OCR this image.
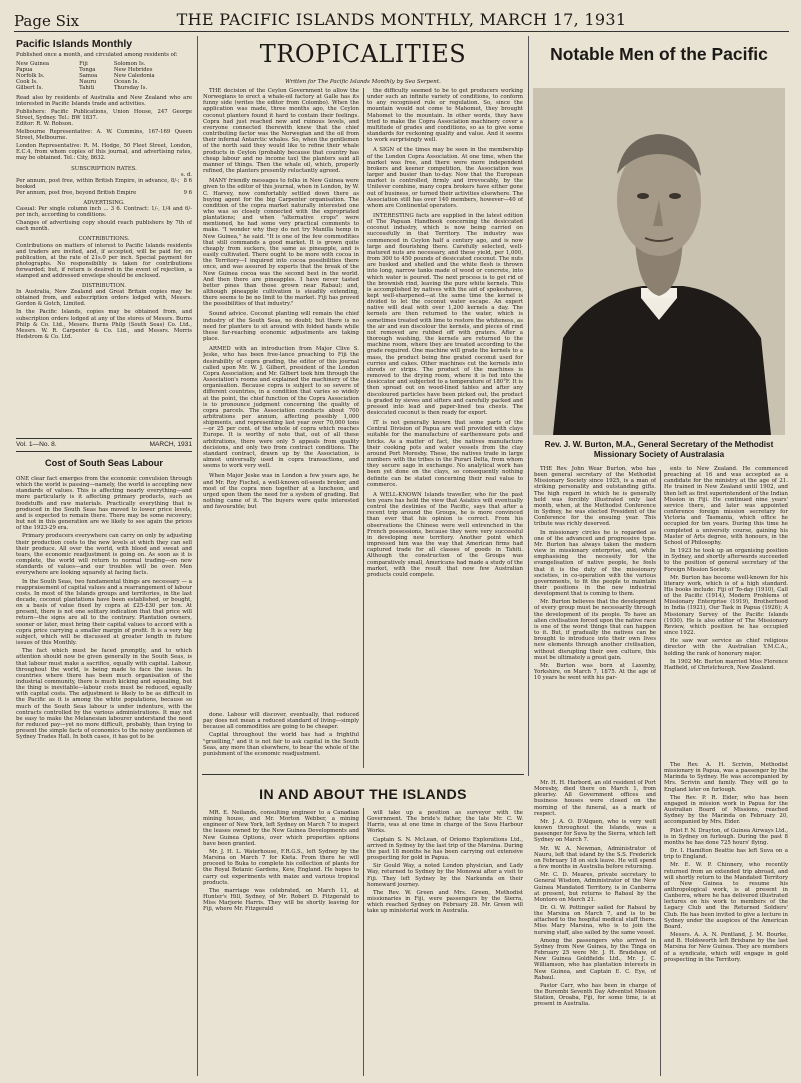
Page Six	THE PACIFIC ISLANDS MONTHLY, MARCH 17, 1931
Pacific Islands Monthly
Published once a month, and circulated among residents of:
New Guinea	Fiji	Solomon Is.
Papua	Tonga	New Hebrides
Norfolk Is.	Samoa	New Caledonia
Cook Is.	Nauru	Ocean Is.
Gilbert Is.	Tahiti	Thursday Is.
Read also by residents of Australia and New Zealand who are interested in Pacific Islands trade and activities.
Publishers: Pacific Publications, Union House, 247 George Street, Sydney. Tel.: BW 1837.
Editor: R. W. Robson.
Melbourne Representative: A. W. Cummins, 167-169 Queen Street, Melbourne.
London Representative: R. M. Hodge, 50 Fleet Street, London, E.C.4, from whom copies of this journal, and advertising rates, may be obtained. Tel.: City, 8632.
SUBSCRIPTION RATES.
s. d.
Per annum, post free, within British Empire, in advance, 8/-; booked
8 6
Per annum, post free, beyond British Empire	9 6
ADVERTISING.
Casual: Per single column inch ... 3 6. Contract: 1/-, 1/4 and 6/- per inch, according to conditions.
Changes of advertising copy should reach publishers by 7th of each month.
CONTRIBUTIONS.
Contributions on matters of interest to Pacific Islands residents and traders are invited, and, if accepted, will be paid for, on publication, at the rate of 21s.0 per inch. Special payment for photographs. No responsibility is taken for contributions forwarded; but, if return is desired in the event of rejection, a stamped and addressed envelope should be enclosed.
DISTRIBUTION.
In Australia, New Zealand and Great Britain copies may be obtained from, and subscription orders lodged with, Messrs. Gordon & Gotch, Limited.
In the Pacific Islands, copies may be obtained from, and subscription orders lodged at any of the stores of Messrs. Burns Philp & Co. Ltd., Messrs. Burns Philp (South Seas) Co. Ltd., Messrs. W. R. Carpenter & Co. Ltd., and Messrs. Morris Hedstrom & Co. Ltd.
Vol. 1—No. 8.	MARCH, 1931
Cost of South Seas Labour

ONE clear fact emerges from the economic convulsion through which the world is passing—namely, the world is accepting new standards of values. This is affecting nearly everything—and more particularly is it affecting primary products, such as foodstuffs and raw materials. Practically everything that is produced in the South Seas has moved to lower price levels, and is expected to remain there. There may be some recovery; but not in this generation are we likely to see again the prices of the 1923-29 era.

Primary producers everywhere can carry on only by adjusting their production costs to the new levels at which they can sell their produce. All over the world, with blood and sweat and tears, the economic readjustment is going on. As soon as it is complete, the world will return to normal trading—on new standards of values—and our troubles will be over. Men everywhere are looking squarely at facing facts.

In the South Seas, two fundamental things are necessary — a reappraisement of capital values and a rearrangement of labour costs. In most of the Islands groups and territories, in the last decade, coconut plantations have been established, or bought, on a basis of value fixed by copra at £25-£30 per ton. At present, there is not one solitary indication that that price will return—the signs are all to the contrary. Plantation owners, sooner or later, must bring their capital values to accord with a copra price carrying a smaller margin of profit. It is a very big subject, which will be discussed at greater length in future issues of this Monthly.

The fact which must be faced promptly, and to which attention should now be given generally in the South Seas, is that labour must make a sacrifice, equally with capital. Labour, throughout the world, is being made to face the issue. In countries where there has been much organisation of the industrial community, there is much kicking and squealing, but the thing is inevitable—labour costs must be reduced, equally with capital costs. The adjustment is likely to be as difficult in the Pacific as it is among the white populations, because so much of the South Seas labour is under indenture, with the contracts controlled by the various administrations. It may not be easy to make the Melanesian labourer understand the need for reduced pay—yet no more difficult, probably, than trying to present the simple facts of economics to the noisy gentlemen of Sydney Trades Hall. In both cases, it has got to be

TROPICALITIES
Written for The Pacific Islands Monthly by Sea Serpent.

THE decision of the Ceylon Government to allow the Norwegians to erect a whale-oil factory at Galle has its funny side (writes the editor from Colombo). When the application was made, three months ago, the Ceylon coconut planters found it hard to contain their feelings. Copra had just reached new and ruinous levels, and everyone connected therewith knew that the chief contributing factor was the Norwegian and the oil from their infernal Antarctic whales. So, when the gentlemen of the north said they would like to refine their whale products in Ceylon (probably because that country has cheap labour and no income tax) the planters said all manner of things. Then the whale oil, which, properly refined, the planters presently reluctantly agreed.

MANY friendly messages to folks in New Guinea were given to the editor of this journal, when in London, by W. C. Harvey, now comfortably settled down there as buying agent for the big Carpenter organisation. The condition of the copra market naturally interested one who was so closely connected with the expropriated plantations; and when "alternative crops" were mentioned, he had some very practical comments to make. "I wonder why they do not try Manilla hemp in New Guinea," he said. "It is one of the few commodities that still commands a good market. It is grown quite cheaply from suckers, the same as pineapple, and is easily cultivated. There ought to be more with cocoa in the Territory—I inquired into cocoa possibilities there once, and was assured by experts that the break of the New Guinea cocoa was the second best in the world. And then there are pineapples. I have never tasted better pines than those grown near Rabaul; and, although pineapple cultivation is steadily extending, there seems to be no limit to the market. Fiji has proved the possibilities of that industry."

Sound advice. Coconut planting will remain the chief industry of the South Seas, no doubt; but there is no need for planters to sit around with folded hands while these far-reaching economic adjustments are taking place.

ARMED with an introduction from Major Clive S. Jeske, who has been free-lance preaching to Fiji the desirability of copra grading, the editor of this journal called upon Mr. W. J. Gilbert, president of the London Copra Association; and Mr. Gilbert took him through the Association's rooms and explained the machinery of the organisation. Because copra is subject to so severe of different countries, in a condition that varies so widely at the point, the chief function of the Copra Association is to pronounce judgment concerning the quality of copra parcels. The Association conducts about 700 arbitrations per annum, affecting possibly 1,000 shipments, and representing last year over 70,000 tons—or 25 per cent. of the whole of copra which reaches Europe. It is worthy of note that, out of all these arbitrations, there were only 5 appeals from quality decisions, and only two from contract conditions. The standard contract, drawn up by the Association, is almost universally used in copra transactions, and seems to work very well.

When Major Jeske was in London a few years ago, he and Mr. Roy Fischel, a well-known oil-seeds broker, and most of the copra men together at a luncheon, and urged upon them the need for a system of grading. But nothing came of it. The buyers were quite interested and favourable; but

the difficulty seemed to be to get producers working under such an infinite variety of conditions, to conform to any recognised rule or regulation. So, since the mountain would not come to Mahomet, they brought Mahomet to the mountain. In other words, they have tried to make the Copra Association machinery cover a multitude of grades and conditions, so as to give some standards for reckoning quality and value. And it seems to work surprisingly well.

A SIGN of the times may be seen in the membership of the London Copra Association. At one time, when the market was free, and there were more independent brokers and keener competition, the Association was larger and busier than to-day. Now that the European market is controlled, firmly and irrevocably, by the Unilever combine, many copra brokers have either gone out of business, or turned their activities elsewhere. The Association still has over 140 members, however—40 of whom are Continental operators.

INTERESTING facts are supplied in the latest edition of The Papuan Handbook concerning the desiccated coconut industry, which is now being carried on successfully in that Territory. The industry was commenced in Ceylon half a century ago, and is now large and flourishing there. Carefully selected, well-matured nuts are necessary, and these yield, per 1,000, from 300 to 450 pounds of desiccated coconut. The nuts are husked and shelled and the white flesh is thrown into long, narrow tanks made of wood or concrete, into which water is poured. The next process is to get rid of the brownish rind, leaving the pure white kernels. This is accomplished by natives with the aid of spokeshaves, kept well-sharpened—at the same time the kernel is divided to let the coconut water escape. An expert native will deal with over 1,200 kernels a day. The kernels are then returned to the water, which is sometimes treated with lime to restore the whiteness, as the air and sun discolour the kernels, and pieces of rind not removed are rubbed off with graters. After a thorough washing, the kernels are returned to the machine room, where they are treated according to the grade required. One machine will grade the kernels to a mass, the product being fine grated coconut used for curries and cakes. Other machines cut the kernels into shreds or strips. The product of the machines is removed to the drying room, where it is fed into the desiccator and subjected to a temperature of 180°F. It is then spread out on wood-lined tables and after any discoloured particles have been picked out, the product is graded by sieves and sifters and carefully packed and pressed into lead and paper-lined tea chests. The desiccated coconut is then ready for export.

IT is not generally known that some parts of the Central Division of Papua are well provided with clays suitable for the manufacture of earthenware pots and bricks. As a matter of fact, the natives manufacture their cooking pots and water vessels from the clay around Port Moresby. These, the natives trade in large numbers with the tribes in the Purari Delta, from whom they secure sago in exchange. No analytical work has been yet done on the clays, so consequently nothing definite can be stated concerning their real value to commerce.

A WELL-KNOWN Islands traveller, who for the past ten years has held the view that Asiatics will eventually control the destinies of the Pacific, says that after a recent trip around the Groups, he is more convinced than ever that his opinion is correct. From his observations the Chinese were well entrenched in the French possessions, because they were very successful in developing new territory. Another point which impressed him was the way that American firms had captured trade for all classes of goods in Tahiti. Although the construction of the Groups was comparatively small, Americans had made a study of the market, with the result that now few Australian products could compete.

done. Labour will discover, eventually, that reduced pay does not mean a reduced standard of living—simply because all commodities are going to be cheaper.

Capital throughout the world has had a frightful "gruelling," and it is not fair to ask capital in the South Seas, any more than elsewhere, to bear the whole of the punishment of the economic readjustment.

Notable Men of the Pacific
Rev. J. W. Burton, M.A., General Secretary of the Methodist Missionary Society of Australasia

THE Rev. John Wear Burton, who has been general secretary of the Methodist Missionary Society since 1925, is a man of striking personality and outstanding gifts. The high regard in which he is generally held was forcibly illustrated only last month, when, at the Methodist Conference in Sydney, he was elected President of the Conference for the ensuing year. This tribute was richly deserved.

In missionary circles he is regarded as one of the advanced and progressive type. Mr. Burton has always taken the modern view in missionary enterprise, and, while emphasising the necessity for the evangelisation of native people, he feels that it is the duty of the missionary societies, in co-operation with the various governments, to fit the people to maintain their positions in the new industrial development that is coming to them.

Mr. Burton believes that the development of every group must be necessarily through the development of its people. To have an alien civilisation forced upon the native race is one of the worst things that can happen to it. But, if gradually the natives can be brought to introduce into their own lives new elements through another civilisation, without disrupting their own culture, this must be ultimately a great gain.

Mr. Burton was born at Laxenby, Yorkshire, on March 7, 1875. At the age of 10 years he went with his par-

ents to New Zealand. He commenced preaching at 16 and was accepted as a candidate for the ministry at the age of 21. He trained in New Zealand until 1902, and then left as first superintendent of the Indian Mission in Fiji. He continued nine years' service there, and later was appointed conference foreign mission secretary for Victoria and Tasmania, which office he occupied for ten years. During this time he completed a university course, gaining his Master of Arts degree, with honours, in the School of Philosophy.

In 1923 he took up an organising position in Sydney, and shortly afterwards succeeded to the position of general secretary of the Foreign Mission Society.

Mr. Burton has become well-known for his literary work, which is of a high standard. His books include: Fiji of To-day (1910), Call of the Pacific (1914), Modern Problems of Missionary Enterprise (1919), Brotherhood in India (1921), Our Task in Papua (1926); A Missionary Survey of the Pacific Islands (1930). He is also editor of The Missionary Review, which position he has occupied since 1922.

He saw war service as chief religious director with the Australian Y.M.C.A., holding the rank of honorary major.

In 1902 Mr. Burton married Miss Florence Hadfield, of Christchurch, New Zealand.

IN AND ABOUT THE ISLANDS

MR. E. Neilands, consulting engineer to a Canadian mining house, and Mr. Morton Webber, a mining engineer of New York, left Sydney on March 7 to inspect the leases owned by the New Guinea Developments and New Guinea Options, over which properties options have been granted.

Mr. J. H. L. Waterhouse, F.R.G.S., left Sydney by the Marsina on March 7 for Kieta. From there he will proceed to Buka to complete his collection of plants for the Royal Botanic Gardens, Kew, England. He hopes to carry out experiments with maize and various tropical products.

The marriage was celebrated, on March 11, at Hunter's Hill, Sydney, of Mr. Robert D. Fitzgerald to Miss Marjorie Harris. They will be shortly leaving for Fiji, where Mr. Fitzgerald

will take up a position as surveyor with the Government. The bride's father, the late Mr. C. W. Harris, was at one time in charge of the Suva Harbour Works.

Captain S. N. McLean, of Oriomo Explorations Ltd., arrived in Sydney by the last trip of the Marsina. During the past 18 months he has been carrying out extensive prospecting for gold in Papua.

Sir Gould Way, a noted London physician, and Lady Way, returned to Sydney by the Monowai after a visit to Fiji. They left Sydney by the Narkunda on their homeward journey.

The Rev. W. Green and Mrs. Green, Methodist missionaries in Fiji, were passengers by the Sierra, which reached Sydney on February 28. Mr. Green will take up ministerial work in Australia.

Mr. H. H. Harbord, an old resident of Port Moresby, died there on March 1, from pleurisy. All Government offices and business houses were closed on the morning of the funeral, as a mark of respect.

Mr. J. A. O. D'Alquen, who is very well known throughout the Islands, was a passenger for Suva by the Sierra, which left Sydney on March 7.

Mr. W. A. Newman, Administrator of Nauru, left that island by the S.S. Frederick on February 18 on sick leave. He will spend a few months in Australia before returning.

Mr. C. D. Meares, private secretary to General Wisdom, Administrator of the New Guinea Mandated Territory, is in Canberra at present, but returns to Rabaul by the Montoro on March 21.

Dr. O. W. Pottinger sailed for Rabaul by the Marsina on March 7, and is to be attached to the hospital medical staff there. Miss Mary Marsina, who is to join the nursing staff, also sailed by the same vessel.

Among the passengers who arrived in Sydney from New Guinea, by the Tinga on February 25 were Mr. J. H. Bradshaw, of New Guinea Goldfields Ltd., Mr. J. C. Williamson, who has plantation interests in New Guinea, and Captain E. C. Eye, of Rabaul.

Pastor Carr, who has been in charge of the Burembi Seventh Day Adventist Mission Station, Oroaba, Fiji, for some time, is at present in Australia.

The Rev. A. H. Scrivin, Methodist missionary in Papua, was a passenger by the Marinda to Sydney. He was accompanied by Mrs. Scrivin and family. They will go to England later on furlough.

The Rev. P. R. Eider, who has been engaged in mission work in Papua for the Australian Board of Missions, reached Sydney by the Marinda on February 20, accompanied by Mrs. Eider.

Pilot F. N. Drayton, of Guinea Airways Ltd., is in Sydney on furlough. During the past 8 months he has done 725 hours' flying.

Dr. I. Hamilton Beattie has left Suva on a trip to England.

Mr. E. W. P. Chinnery, who recently returned from an extended trip abroad, and will shortly return to the Mandated Territory of New Guinea to resume his anthropological work, is at present in Canberra, where he has delivered illustrated lectures on his work to members of the Legacy Club and the Returned Soldiers' Club. He has been invited to give a lecture in Sydney under the auspices of the American Board.

Messrs. A. A. N. Pentland, J. M. Bourke, and B. Holdsworth left Brisbane by the last Marsina for New Guinea. They are members of a syndicate, which will engage in gold prospecting in the Territory.
